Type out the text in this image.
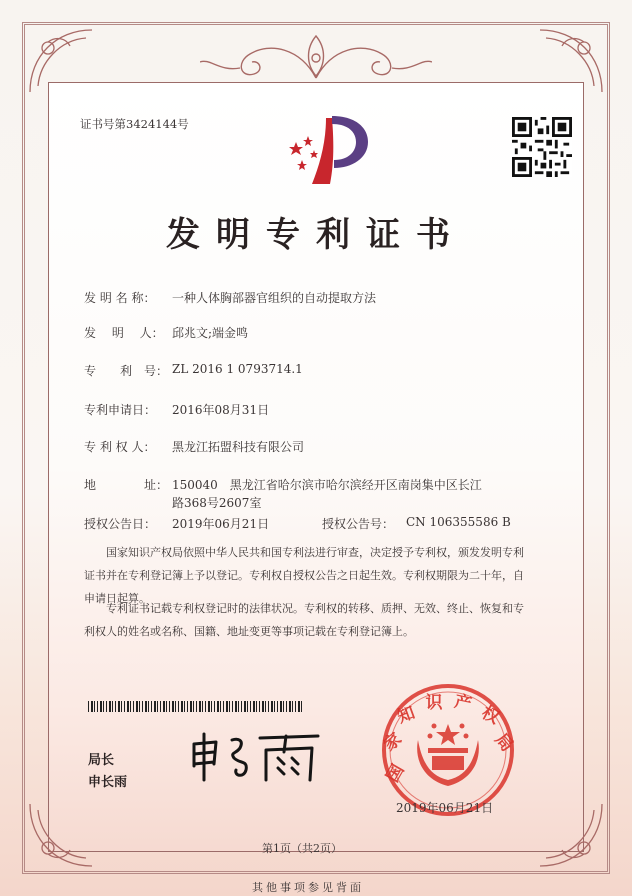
证书号第3424144号
发明专利证书
发 明 名 称： 一种人体胸部器官组织的自动提取方法
发　 明　 人： 邱兆文;端金鸣
专　　利　号： ZL 2016 1 0793714.1
专利申请日： 2016年08月31日
专 利 权 人： 黑龙江拓盟科技有限公司
地　　　　址： 150040　黑龙江省哈尔滨市哈尔滨经开区南岗集中区长江
路368号2607室
授权公告日： 2019年06月21日	授权公告号： CN 106355586 B
　　国家知识产权局依照中华人民共和国专利法进行审查，决定授予专利权，颁发发明专利
证书并在专利登记簿上予以登记。专利权自授权公告之日起生效。专利权期限为二十年，自
申请日起算。
　　专利证书记载专利权登记时的法律状况。专利权的转移、质押、无效、终止、恢复和专
利权人的姓名或名称、国籍、地址变更等事项记载在专利登记簿上。
局长
申长雨	国
家
知 识 产 权
局
2019年06月21日
第1页（共2页）
其他事项参见背面
